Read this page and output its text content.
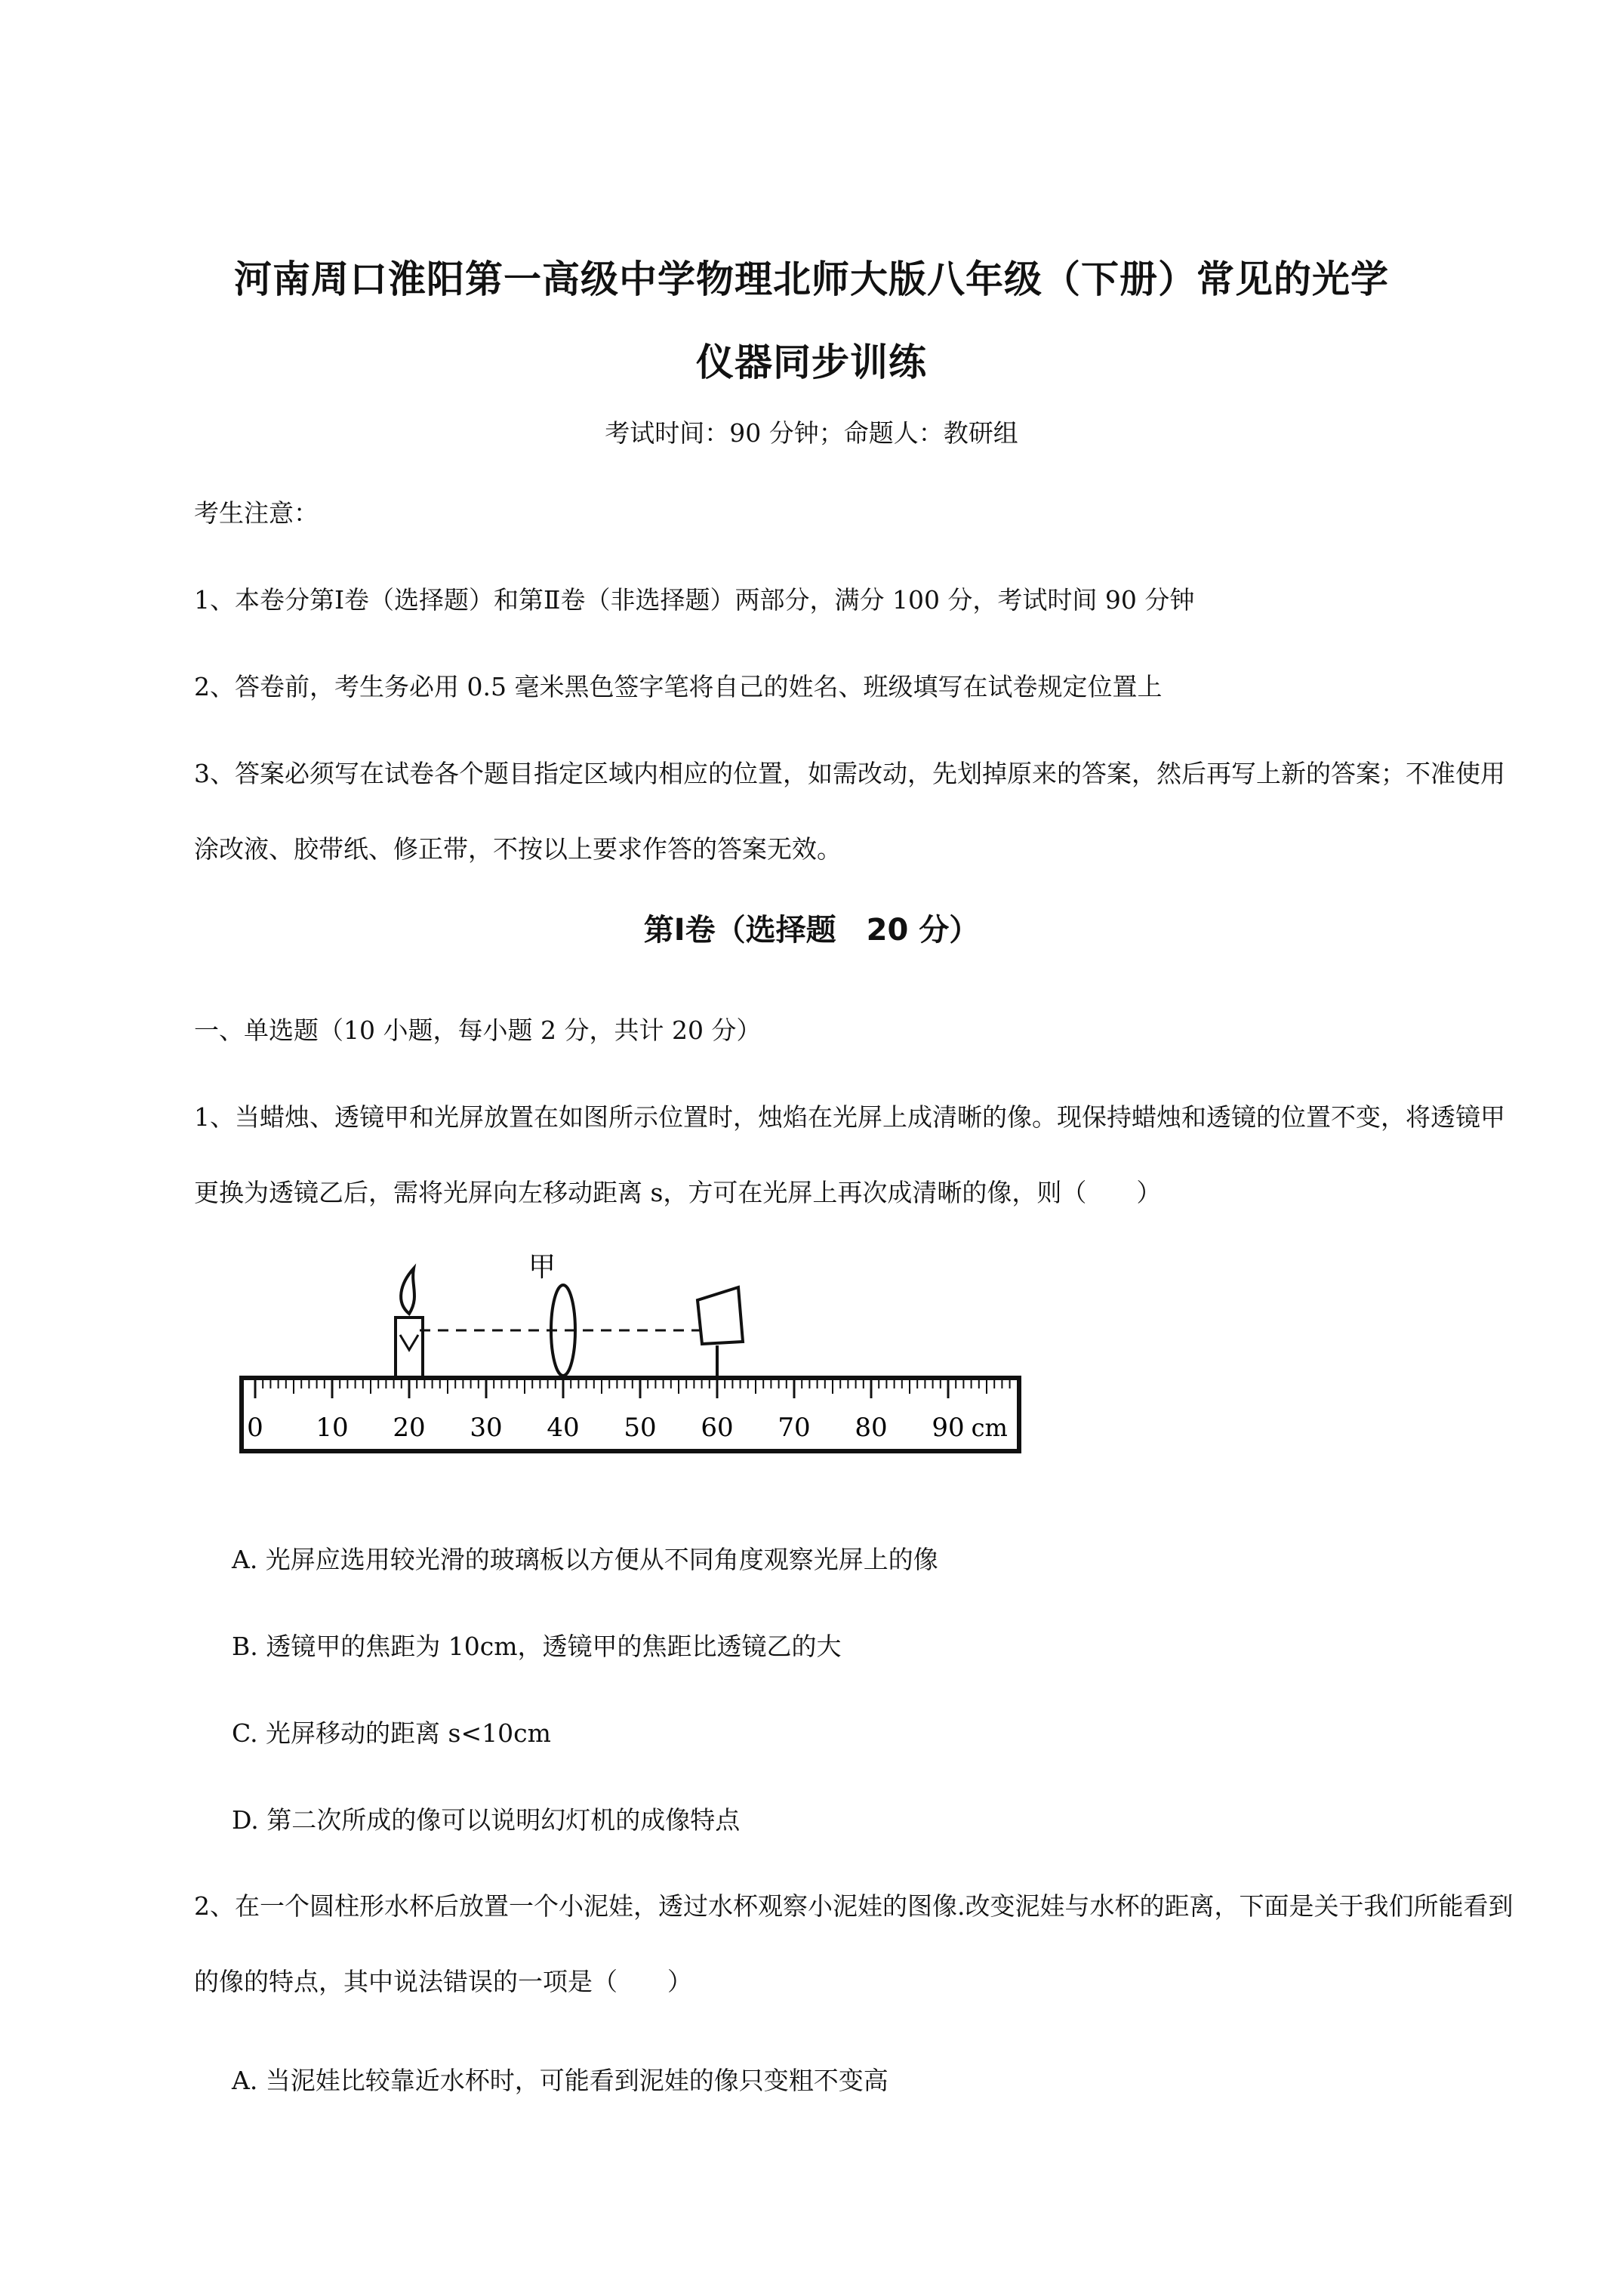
河南周口淮阳第一高级中学物理北师大版八年级（下册）常见的光学
仪器同步训练
考试时间：90 分钟；命题人：教研组

考生注意：

1、本卷分第Ⅰ卷（选择题）和第Ⅱ卷（非选择题）两部分，满分 100 分，考试时间 90 分钟

2、答卷前，考生务必用 0.5 毫米黑色签字笔将自己的姓名、班级填写在试卷规定位置上

3、答案必须写在试卷各个题目指定区域内相应的位置，如需改动，先划掉原来的答案，然后再写上新的答案；不准使用涂改液、胶带纸、修正带，不按以上要求作答的答案无效。

第Ⅰ卷（选择题　20 分）

一、单选题（10 小题，每小题 2 分，共计 20 分）

1、当蜡烛、透镜甲和光屏放置在如图所示位置时，烛焰在光屏上成清晰的像。现保持蜡烛和透镜的位置不变，将透镜甲更换为透镜乙后，需将光屏向左移动距离 s，方可在光屏上再次成清晰的像，则（　　）

甲
0 10 20 30 40 50 60 70 80 90 cm

A. 光屏应选用较光滑的玻璃板以方便从不同角度观察光屏上的像

B. 透镜甲的焦距为 10cm，透镜甲的焦距比透镜乙的大

C. 光屏移动的距离 s<10cm

D. 第二次所成的像可以说明幻灯机的成像特点

2、在一个圆柱形水杯后放置一个小泥娃，透过水杯观察小泥娃的图像.改变泥娃与水杯的距离，下面是关于我们所能看到的像的特点，其中说法错误的一项是（　　）

A. 当泥娃比较靠近水杯时，可能看到泥娃的像只变粗不变高
